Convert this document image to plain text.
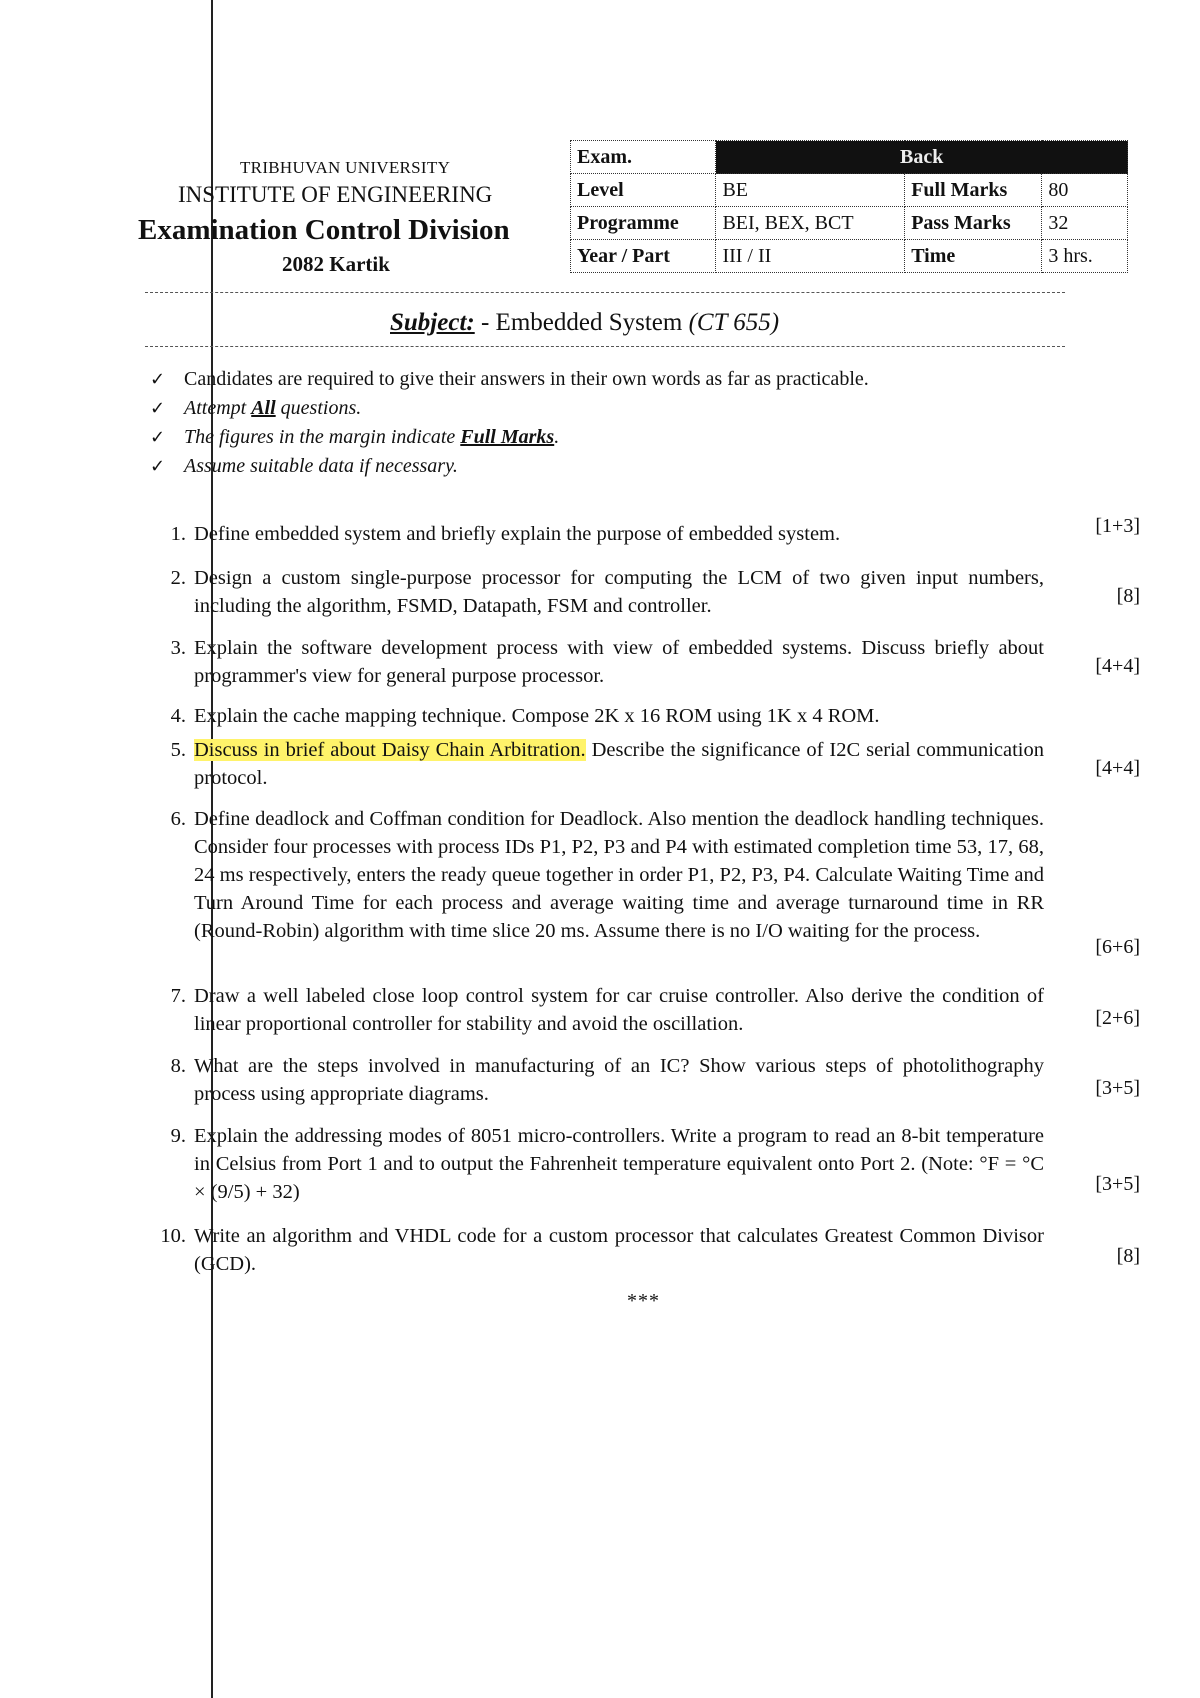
TRIBHUVAN UNIVERSITY
INSTITUTE OF ENGINEERING
Examination Control Division
2082 Kartik
Exam.	Back		
Level	BE	Full Marks	80
Programme	BEI, BEX, BCT	Pass Marks	32
Year / Part	III / II	Time	3 hrs.
Subject: - Embedded System (CT 655)
✓ Candidates are required to give their answers in their own words as far as practicable.
✓ Attempt All questions.
✓ The figures in the margin indicate Full Marks.
✓ Assume suitable data if necessary.
1. Define embedded system and briefly explain the purpose of embedded system.	[1+3]
2. Design a custom single-purpose processor for computing the LCM of two given input numbers, including the algorithm, FSMD, Datapath, FSM and controller.	[8]
3. Explain the software development process with view of embedded systems. Discuss briefly about programmer's view for general purpose processor.	[4+4]
4. Explain the cache mapping technique. Compose 2K x 16 ROM using 1K x 4 ROM.
5. Discuss in brief about Daisy Chain Arbitration. Describe the significance of I2C serial communication protocol.	[4+4]
6. Define deadlock and Coffman condition for Deadlock. Also mention the deadlock handling techniques. Consider four processes with process IDs P1, P2, P3 and P4 with estimated completion time 53, 17, 68, 24 ms respectively, enters the ready queue together in order P1, P2, P3, P4. Calculate Waiting Time and Turn Around Time for each process and average waiting time and average turnaround time in RR (Round-Robin) algorithm with time slice 20 ms. Assume there is no I/O waiting for the process.
[6+6]
7. Draw a well labeled close loop control system for car cruise controller. Also derive the condition of linear proportional controller for stability and avoid the oscillation.	[2+6]
8. What are the steps involved in manufacturing of an IC? Show various steps of photolithography process using appropriate diagrams.	[3+5]
9. Explain the addressing modes of 8051 micro-controllers. Write a program to read an 8-bit temperature in Celsius from Port 1 and to output the Fahrenheit temperature equivalent onto Port 2. (Note: °F = °C × (9/5) + 32)	[3+5]
10. Write an algorithm and VHDL code for a custom processor that calculates Greatest Common Divisor (GCD).	[8]
***
